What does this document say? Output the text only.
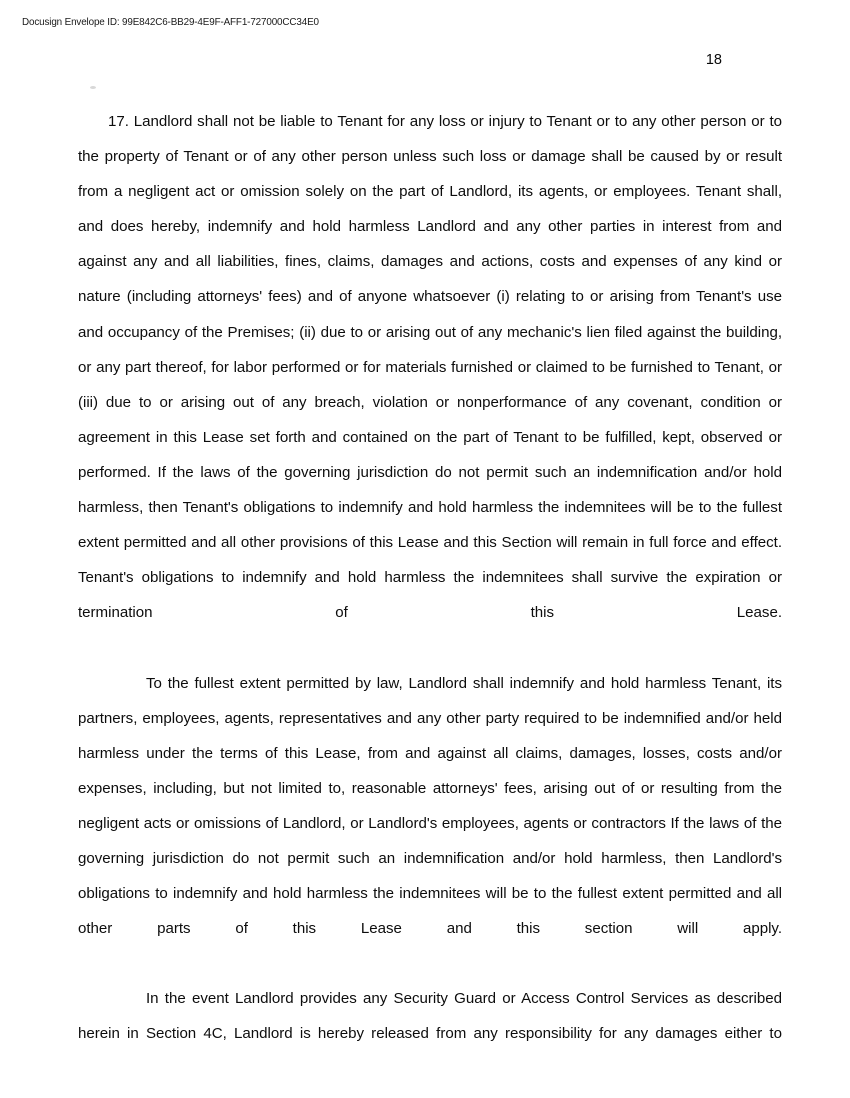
Docusign Envelope ID: 99E842C6-BB29-4E9F-AFF1-727000CC34E0
18

17. Landlord shall not be liable to Tenant for any loss or injury to Tenant or to any other person or to the property of Tenant or of any other person unless such loss or damage shall be caused by or result from a negligent act or omission solely on the part of Landlord, its agents, or employees. Tenant shall, and does hereby, indemnify and hold harmless Landlord and any other parties in interest from and against any and all liabilities, fines, claims, damages and actions, costs and expenses of any kind or nature (including attorneys' fees) and of anyone whatsoever (i) relating to or arising from Tenant's use and occupancy of the Premises; (ii) due to or arising out of any mechanic's lien filed against the building, or any part thereof, for labor performed or for materials furnished or claimed to be furnished to Tenant, or (iii) due to or arising out of any breach, violation or nonperformance of any covenant, condition or agreement in this Lease set forth and contained on the part of Tenant to be fulfilled, kept, observed or performed. If the laws of the governing jurisdiction do not permit such an indemnification and/or hold harmless, then Tenant's obligations to indemnify and hold harmless the indemnitees will be to the fullest extent permitted and all other provisions of this Lease and this Section will remain in full force and effect. Tenant's obligations to indemnify and hold harmless the indemnitees shall survive the expiration or termination of this Lease.

To the fullest extent permitted by law, Landlord shall indemnify and hold harmless Tenant, its partners, employees, agents, representatives and any other party required to be indemnified and/or held harmless under the terms of this Lease, from and against all claims, damages, losses, costs and/or expenses, including, but not limited to, reasonable attorneys' fees, arising out of or resulting from the negligent acts or omissions of Landlord, or Landlord's employees, agents or contractors If the laws of the governing jurisdiction do not permit such an indemnification and/or hold harmless, then Landlord's obligations to indemnify and hold harmless the indemnitees will be to the fullest extent permitted and all other parts of this Lease and this section will apply.

In the event Landlord provides any Security Guard or Access Control Services as described herein in Section 4C, Landlord is hereby released from any responsibility for any damages either to
